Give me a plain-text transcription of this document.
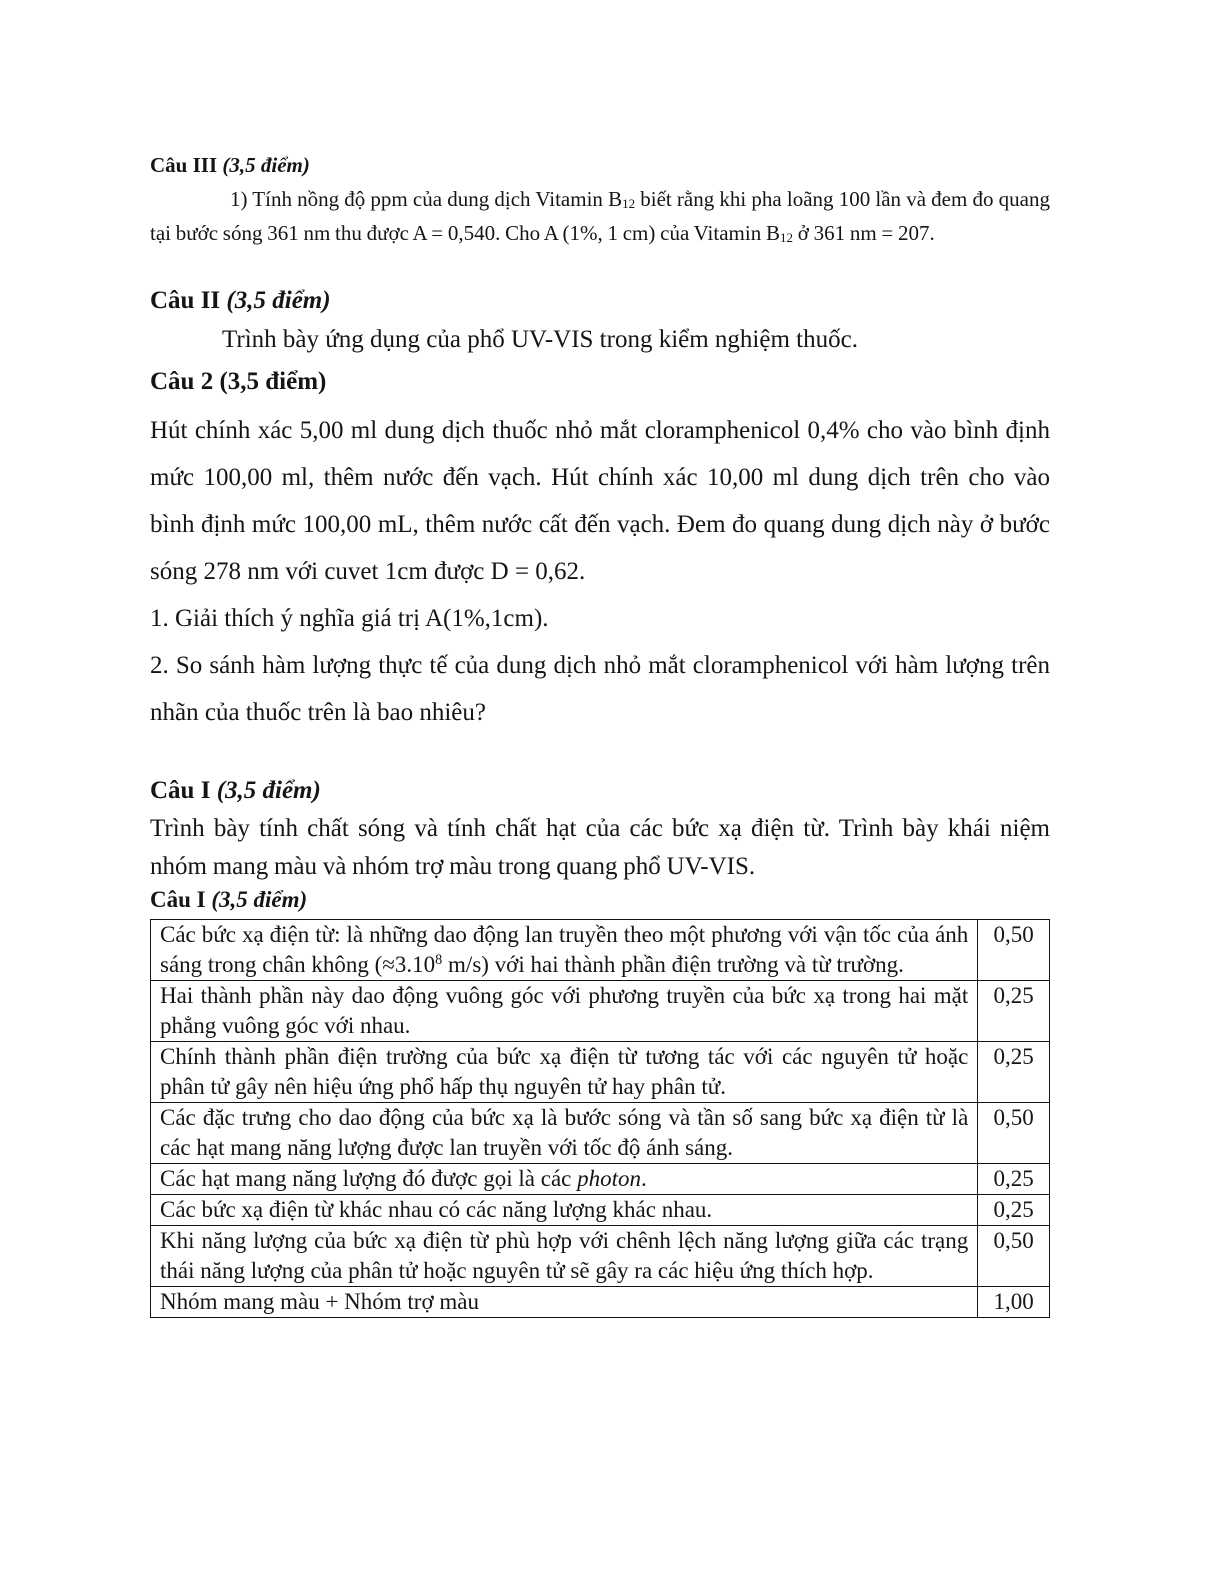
Câu III (3,5 điểm)

1) Tính nồng độ ppm của dung dịch Vitamin $B_{12}$ biết rằng khi pha loãng 100 lần và đem đo quang tại bước sóng 361 nm thu được A = 0,540. Cho A (1%, 1 cm) của Vitamin $B_{12}$ ở 361 nm = 207.

Câu II (3,5 điểm)

Trình bày ứng dụng của phổ UV-VIS trong kiểm nghiệm thuốc.

Câu 2 (3,5 điểm)

Hút chính xác 5,00 ml dung dịch thuốc nhỏ mắt cloramphenicol 0,4% cho vào bình định mức 100,00 ml, thêm nước đến vạch. Hút chính xác 10,00 ml dung dịch trên cho vào bình định mức 100,00 mL, thêm nước cất đến vạch. Đem đo quang dung dịch này ở bước sóng 278 nm với cuvet 1cm được D = 0,62.

1. Giải thích ý nghĩa giá trị A(1%,1cm).

2. So sánh hàm lượng thực tế của dung dịch nhỏ mắt cloramphenicol với hàm lượng trên nhãn của thuốc trên là bao nhiêu?

Câu I (3,5 điểm)

Trình bày tính chất sóng và tính chất hạt của các bức xạ điện từ. Trình bày khái niệm nhóm mang màu và nhóm trợ màu trong quang phổ UV-VIS.

Câu I (3,5 điểm)

Các bức xạ điện từ: là những dao động lan truyền theo một phương với vận tốc của ánh sáng trong chân không ($\approx 3.10^8$ m/s) với hai thành phần điện trường và từ trường.	0,50
Hai thành phần này dao động vuông góc với phương truyền của bức xạ trong hai mặt phẳng vuông góc với nhau.	0,25
Chính thành phần điện trường của bức xạ điện từ tương tác với các nguyên tử hoặc phân tử gây nên hiệu ứng phổ hấp thụ nguyên tử hay phân tử.	0,25
Các đặc trưng cho dao động của bức xạ là bước sóng và tần số sang bức xạ điện từ là các hạt mang năng lượng được lan truyền với tốc độ ánh sáng.	0,50
Các hạt mang năng lượng đó được gọi là các photon.	0,25
Các bức xạ điện từ khác nhau có các năng lượng khác nhau.	0,25
Khi năng lượng của bức xạ điện từ phù hợp với chênh lệch năng lượng giữa các trạng thái năng lượng của phân tử hoặc nguyên tử sẽ gây ra các hiệu ứng thích hợp.	0,50
Nhóm mang màu + Nhóm trợ màu	1,00
